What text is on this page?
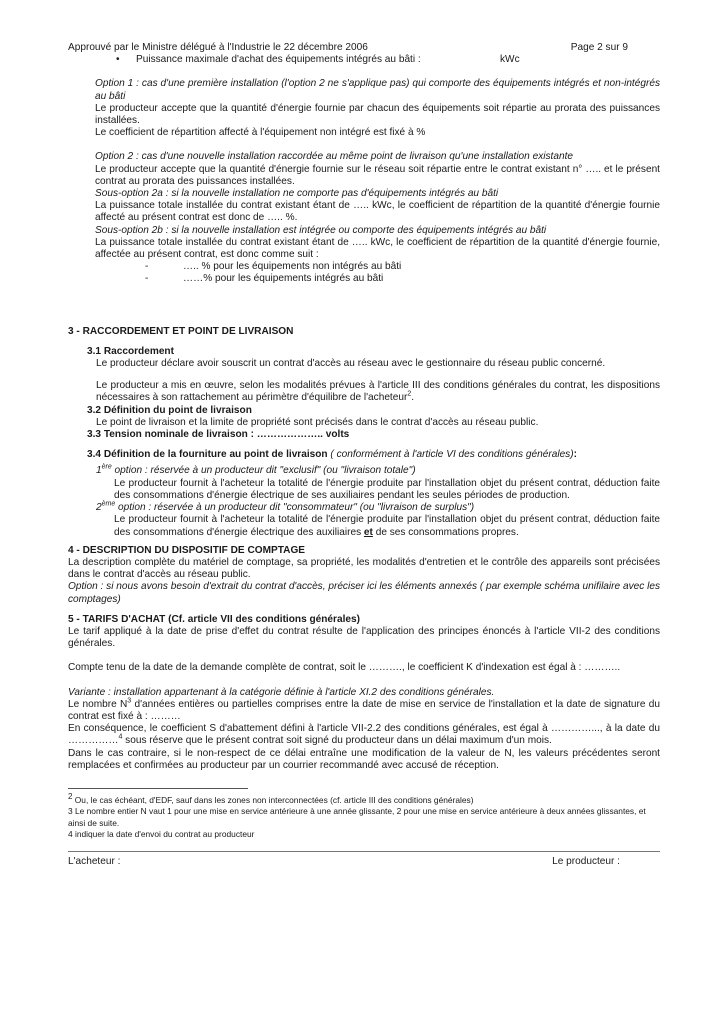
Approuvé par le Ministre délégué à l'Industrie le 22 décembre 2006	Page 2 sur 9
•	Puissance maximale d'achat des équipements intégrés au bâti :	kWc

Option 1 : cas d'une première installation (l'option 2 ne s'applique pas) qui comporte des équipements intégrés et non-intégrés au bâti

Le producteur accepte que la quantité d'énergie fournie par chacun des équipements soit répartie au prorata des puissances installées.

Le coefficient de répartition affecté à l'équipement non intégré est fixé à %

Option 2 : cas d'une nouvelle installation raccordée au même point de livraison qu'une installation existante

Le producteur accepte que la quantité d'énergie fournie sur le réseau soit répartie entre le contrat existant n° ….. et le présent contrat au prorata des puissances installées.

Sous-option 2a : si la nouvelle installation ne comporte pas d'équipements intégrés au bâti

La puissance totale installée du contrat existant étant de ….. kWc, le coefficient de répartition de la quantité d'énergie fournie affecté au présent contrat est donc de ….. %.

Sous-option 2b : si la nouvelle installation est intégrée ou comporte des équipements intégrés au bâti

La puissance totale installée du contrat existant étant de ….. kWc, le coefficient de répartition de la quantité d'énergie fournie, affectée au présent contrat, est donc comme suit :

-	….. % pour les équipements non intégrés au bâti
-	……% pour les équipements intégrés au bâti

3 - RACCORDEMENT ET POINT DE LIVRAISON

3.1 Raccordement

Le producteur déclare avoir souscrit un contrat d'accès au réseau avec le gestionnaire du réseau public concerné.

Le producteur a mis en œuvre, selon les modalités prévues à l'article III des conditions générales du contrat, les dispositions nécessaires à son rattachement au périmètre d'équilibre de l'acheteur$^2$.

3.2 Définition du point de livraison

Le point de livraison et la limite de propriété sont précisés dans le contrat d'accès au réseau public.

3.3 Tension nominale de livraison : ……………….. volts

3.4 Définition de la fourniture au point de livraison ( conformément à l'article VI des conditions générales):

1ère option : réservée à un producteur dit "exclusif" (ou "livraison totale")

Le producteur fournit à l'acheteur la totalité de l'énergie produite par l'installation objet du présent contrat, déduction faite des consommations d'énergie électrique de ses auxiliaires pendant les seules périodes de production.

2ème option : réservée à un producteur dit "consommateur" (ou "livraison de surplus")

Le producteur fournit à l'acheteur la totalité de l'énergie produite par l'installation objet du présent contrat, déduction faite des consommations d'énergie électrique des auxiliaires et de ses consommations propres.

4 - DESCRIPTION DU DISPOSITIF DE COMPTAGE

La description complète du matériel de comptage, sa propriété, les modalités d'entretien et le contrôle des appareils sont précisées dans le contrat d'accès au réseau public.

Option : si nous avons besoin d'extrait du contrat d'accès, préciser ici les éléments annexés ( par exemple schéma unifilaire avec les comptages)

5 - TARIFS D'ACHAT (Cf. article VII des conditions générales)

Le tarif appliqué à la date de prise d'effet du contrat résulte de l'application des principes énoncés à l'article VII-2 des conditions générales.

Compte tenu de la date de la demande complète de contrat, soit le ………., le coefficient K d'indexation est égal à : ………..

Variante : installation appartenant à la catégorie définie à l'article XI.2 des conditions générales.

Le nombre $N^3$ d'années entières ou partielles comprises entre la date de mise en service de l'installation et la date de signature du contrat est fixé à : ………

En conséquence, le coefficient S d'abattement défini à l'article VII-2.2 des conditions générales, est égal à …………..., à la date du ……………$^4$ sous réserve que le présent contrat soit signé du producteur dans un délai maximum d'un mois.

Dans le cas contraire, si le non-respect de ce délai entraîne une modification de la valeur de N, les valeurs précédentes seront remplacées et confirmées au producteur par un courrier recommandé avec accusé de réception.

$^2$ Ou, le cas échéant, d'EDF, sauf dans les zones non interconnectées (cf. article III des conditions générales)

3 Le nombre entier N vaut 1 pour une mise en service antérieure à une année glissante, 2 pour une mise en service antérieure à deux années glissantes, et ainsi de suite.

4 indiquer la date d'envoi du contrat au producteur

L'acheteur :	Le producteur :
